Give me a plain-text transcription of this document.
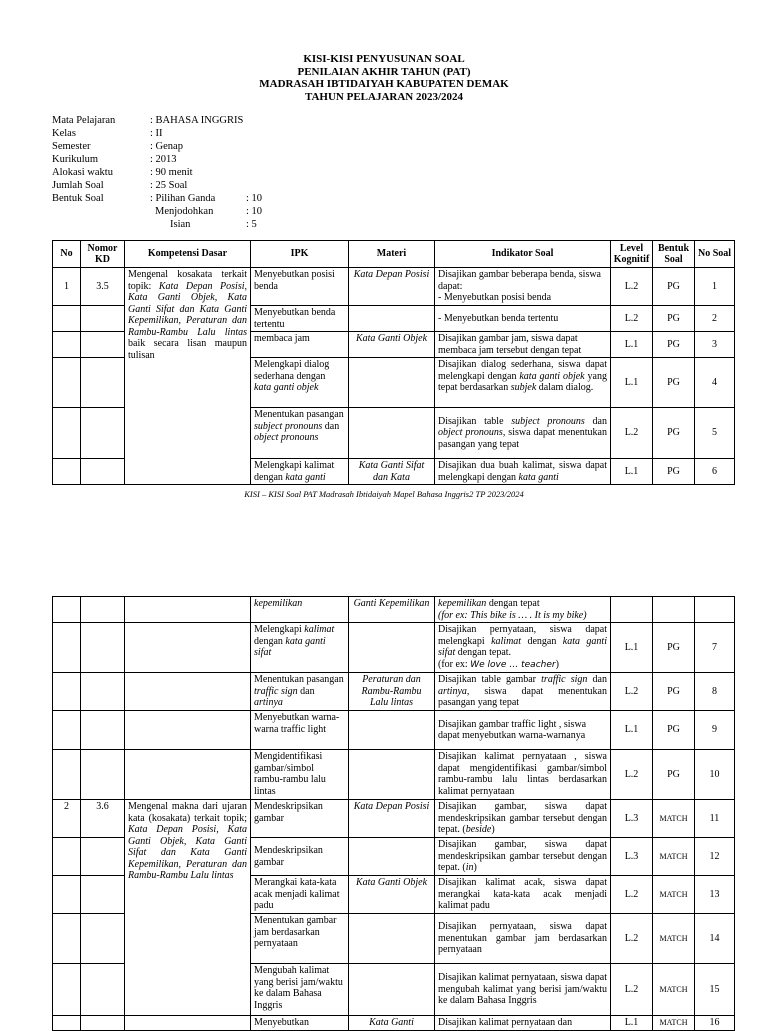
KISI-KISI PENYUSUNAN SOAL
PENILAIAN AKHIR TAHUN (PAT)
MADRASAH IBTIDAIYAH KABUPATEN DEMAK
TAHUN PELAJARAN 2023/2024
Mata Pelajaran	: BAHASA INGGRIS
Kelas	: II
Semester	: Genap
Kurikulum	: 2013
Alokasi waktu	: 90 menit
Jumlah Soal	: 25 Soal
Bentuk Soal	: Pilihan Ganda	: 10
Menjodohkan	: 10
Isian	: 5
No	Nomor KD	Kompetensi Dasar	IPK	Materi	Indikator Soal	Level Kognitif	Bentuk Soal	No Soal
1	3.5	Mengenal kosakata terkait topik: Kata Depan Posisi, Kata Ganti Objek, Kata Ganti Sifat dan Kata Ganti Kepemilikan, Peraturan dan Rambu-Rambu Lalu lintas baik secara lisan maupun tulisan	Menyebutkan posisi benda	Kata Depan Posisi	Disajikan gambar beberapa benda, siswa dapat:
- Menyebutkan posisi benda	L.2	PG	1
			Menyebutkan benda tertentu		- Menyebutkan benda tertentu	L.2	PG	2
			membaca jam	Kata Ganti Objek	Disajikan gambar jam, siswa dapat membaca jam tersebut dengan tepat	L.1	PG	3
			Melengkapi dialog sederhana dengan kata ganti objek		Disajikan dialog sederhana, siswa dapat melengkapi dengan kata ganti objek yang tepat berdasarkan subjek dalam dialog.	L.1	PG	4
			Menentukan pasangan subject pronouns dan object pronouns		Disajikan table subject pronouns dan object pronouns, siswa dapat menentukan pasangan yang tepat	L.2	PG	5
			Melengkapi kalimat dengan kata ganti	Kata Ganti Sifat dan Kata	Disajikan dua buah kalimat, siswa dapat melengkapi dengan kata ganti	L.1	PG	6
KISI – KISI Soal PAT Madrasah Ibtidaiyah Mapel Bahasa Inggris2 TP 2023/2024
			kepemilikan	Ganti Kepemilikan	kepemilikan dengan tepat
(for ex: This bike is … . It is my bike)			

			Melengkapi kalimat dengan kata ganti sifat		Disajikan pernyataan, siswa dapat melengkapi kalimat dengan kata ganti sifat dengan tepat.
(for ex: We love … teacher)	L.1	PG	7
			Menentukan pasangan traffic sign dan artinya	Peraturan dan Rambu-Rambu Lalu lintas	Disajikan table gambar traffic sign dan artinya, siswa dapat menentukan pasangan yang tepat	L.2	PG	8
			Menyebutkan warna-warna traffic light		Disajikan gambar traffic light , siswa dapat menyebutkan warna-warnanya	L.1	PG	9
			Mengidentifikasi gambar/simbol rambu-rambu lalu lintas		Disajikan kalimat pernyataan , siswa dapat mengidentifikasi gambar/simbol rambu-rambu lalu lintas berdasarkan kalimat pernyataan	L.2	PG	10
2	3.6	Mengenal makna dari ujaran kata (kosakata) terkait topik; Kata Depan Posisi, Kata Ganti Objek, Kata Ganti Sifat dan Kata Ganti Kepemilikan, Peraturan dan Rambu-Rambu Lalu lintas	Mendeskripsikan gambar	Kata Depan Posisi	Disajikan gambar, siswa dapat mendeskripsikan gambar tersebut dengan tepat. (beside)	L.3	MATCH	11
			Mendeskripsikan gambar		Disajikan gambar, siswa dapat mendeskripsikan gambar tersebut dengan tepat. (in)	L.3	MATCH	12
			Merangkai kata-kata acak menjadi kalimat padu	Kata Ganti Objek	Disajikan kalimat acak, siswa dapat merangkai kata-kata acak menjadi kalimat padu	L.2	MATCH	13
			Menentukan gambar jam berdasarkan pernyataan		Disajikan pernyataan, siswa dapat menentukan gambar jam berdasarkan pernyataan	L.2	MATCH	14
			Mengubah kalimat yang berisi jam/waktu ke dalam Bahasa Inggris		Disajikan kalimat pernyataan, siswa dapat mengubah kalimat yang berisi jam/waktu ke dalam Bahasa Inggris	L.2	MATCH	15
			Menyebutkan	Kata Ganti	Disajikan kalimat pernyataan dan	L.1	MATCH	16
